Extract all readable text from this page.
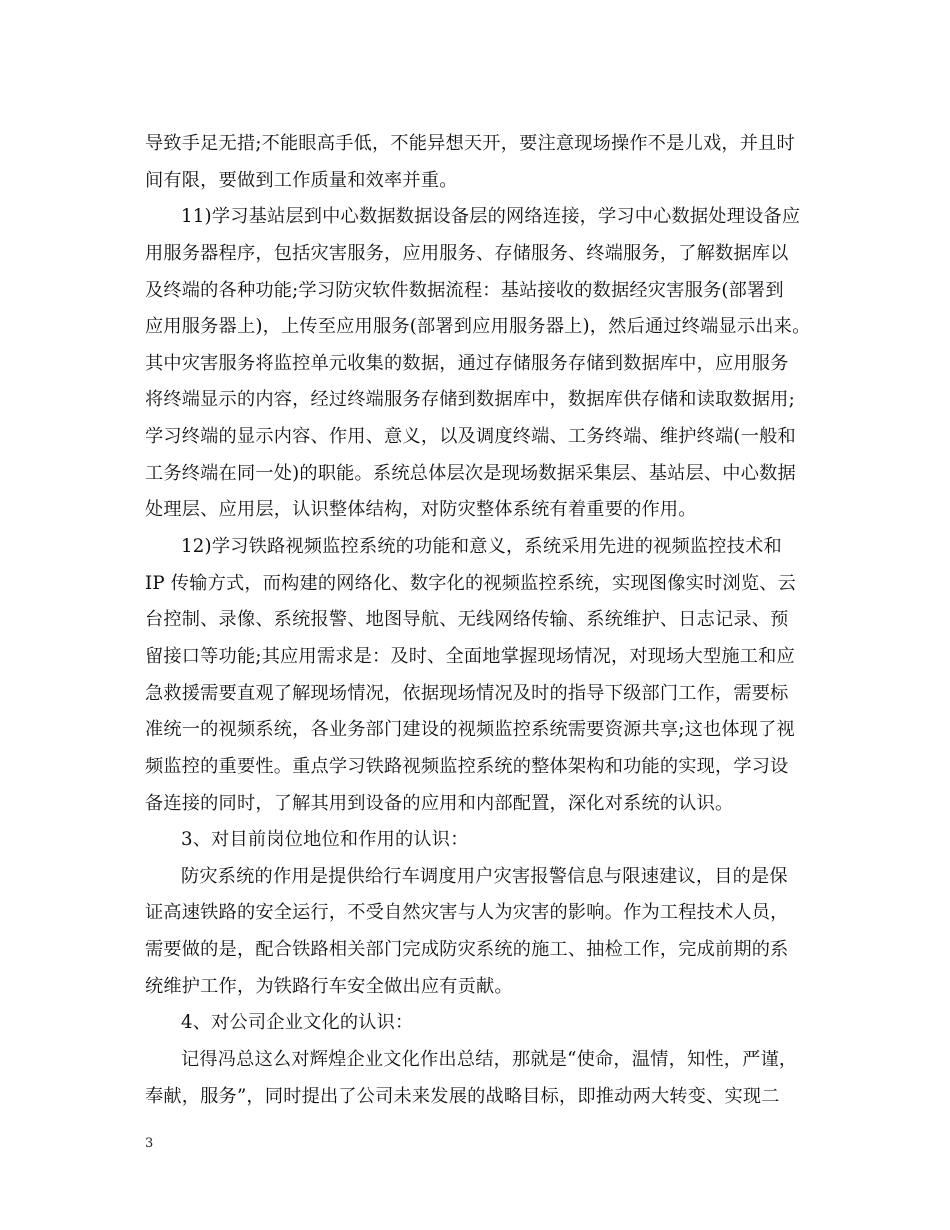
导致手足无措;不能眼高手低，不能异想天开，要注意现场操作不是儿戏，并且时
间有限，要做到工作质量和效率并重。
11)学习基站层到中心数据数据设备层的网络连接，学习中心数据处理设备应
用服务器程序，包括灾害服务，应用服务、存储服务、终端服务，了解数据库以
及终端的各种功能;学习防灾软件数据流程：基站接收的数据经灾害服务(部署到
应用服务器上)，上传至应用服务(部署到应用服务器上)，然后通过终端显示出来。
其中灾害服务将监控单元收集的数据，通过存储服务存储到数据库中，应用服务
将终端显示的内容，经过终端服务存储到数据库中，数据库供存储和读取数据用;
学习终端的显示内容、作用、意义，以及调度终端、工务终端、维护终端(一般和
工务终端在同一处)的职能。系统总体层次是现场数据采集层、基站层、中心数据
处理层、应用层，认识整体结构，对防灾整体系统有着重要的作用。
12)学习铁路视频监控系统的功能和意义，系统采用先进的视频监控技术和
IP 传输方式，而构建的网络化、数字化的视频监控系统，实现图像实时浏览、云
台控制、录像、系统报警、地图导航、无线网络传输、系统维护、日志记录、预
留接口等功能;其应用需求是：及时、全面地掌握现场情况，对现场大型施工和应
急救援需要直观了解现场情况，依据现场情况及时的指导下级部门工作，需要标
准统一的视频系统，各业务部门建设的视频监控系统需要资源共享;这也体现了视
频监控的重要性。重点学习铁路视频监控系统的整体架构和功能的实现，学习设
备连接的同时，了解其用到设备的应用和内部配置，深化对系统的认识。
3、对目前岗位地位和作用的认识：
防灾系统的作用是提供给行车调度用户灾害报警信息与限速建议，目的是保
证高速铁路的安全运行，不受自然灾害与人为灾害的影响。作为工程技术人员，
需要做的是，配合铁路相关部门完成防灾系统的施工、抽检工作，完成前期的系
统维护工作，为铁路行车安全做出应有贡献。
4、对公司企业文化的认识：
记得冯总这么对辉煌企业文化作出总结，那就是“使命，温情，知性，严谨，
奉献，服务”，同时提出了公司未来发展的战略目标，即推动两大转变、实现二
3
